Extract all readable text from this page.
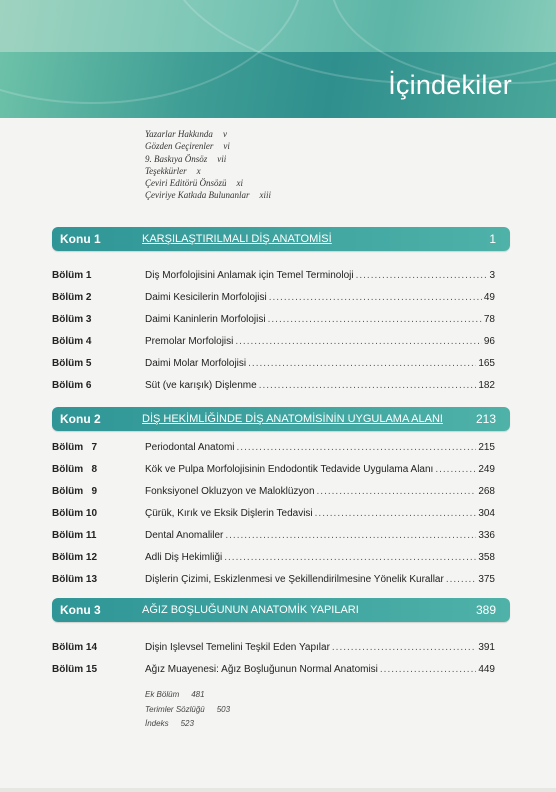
İçindekiler
Yazarlar Hakkında v
Gözden Geçirenler vi
9. Baskıya Önsöz vii
Teşekkürler x
Çeviri Editörü Önsözü xi
Çeviriye Katkıda Bulunanlar xiii
Konu 1	KARŞILAŞTIRILMALI DİŞ ANATOMİSİ	1
Bölüm 1	Diş Morfolojisini Anlamak için Temel Terminoloji .....	3
Bölüm 2	Daimi Kesicilerin Morfolojisi .....	49
Bölüm 3	Daimi Kaninlerin Morfolojisi .....	78
Bölüm 4	Premolar Morfolojisi .....	96
Bölüm 5	Daimi Molar Morfolojisi .....	165
Bölüm 6	Süt (ve karışık) Dişlenme .....	182
Konu 2	DİŞ HEKİMLİĞİNDE DİŞ ANATOMİSİNİN UYGULAMA ALANI	213
Bölüm   7	Periodontal Anatomi .....	215
Bölüm   8	Kök ve Pulpa Morfolojisinin Endodontik Tedavide Uygulama Alanı .....	249
Bölüm   9	Fonksiyonel Okluzyon ve Maloklüzyon .....	268
Bölüm 10	Çürük, Kırık ve Eksik Dişlerin Tedavisi .....	304
Bölüm 11	Dental Anomaliler .....	336
Bölüm 12	Adli Diş Hekimliği .....	358
Bölüm 13	Dişlerin Çizimi, Eskizlenmesi ve Şekillendirilmesine Yönelik Kurallar .....	375
Konu 3	AĞIZ BOŞLUĞUNUN ANATOMİK YAPILARI	389
Bölüm 14	Dişin İşlevsel Temelini Teşkil Eden Yapılar .....	391
Bölüm 15	Ağız Muayenesi: Ağız Boşluğunun Normal Anatomisi .....	449
Ek Bölüm 481
Terimler Sözlüğü 503
İndeks 523
